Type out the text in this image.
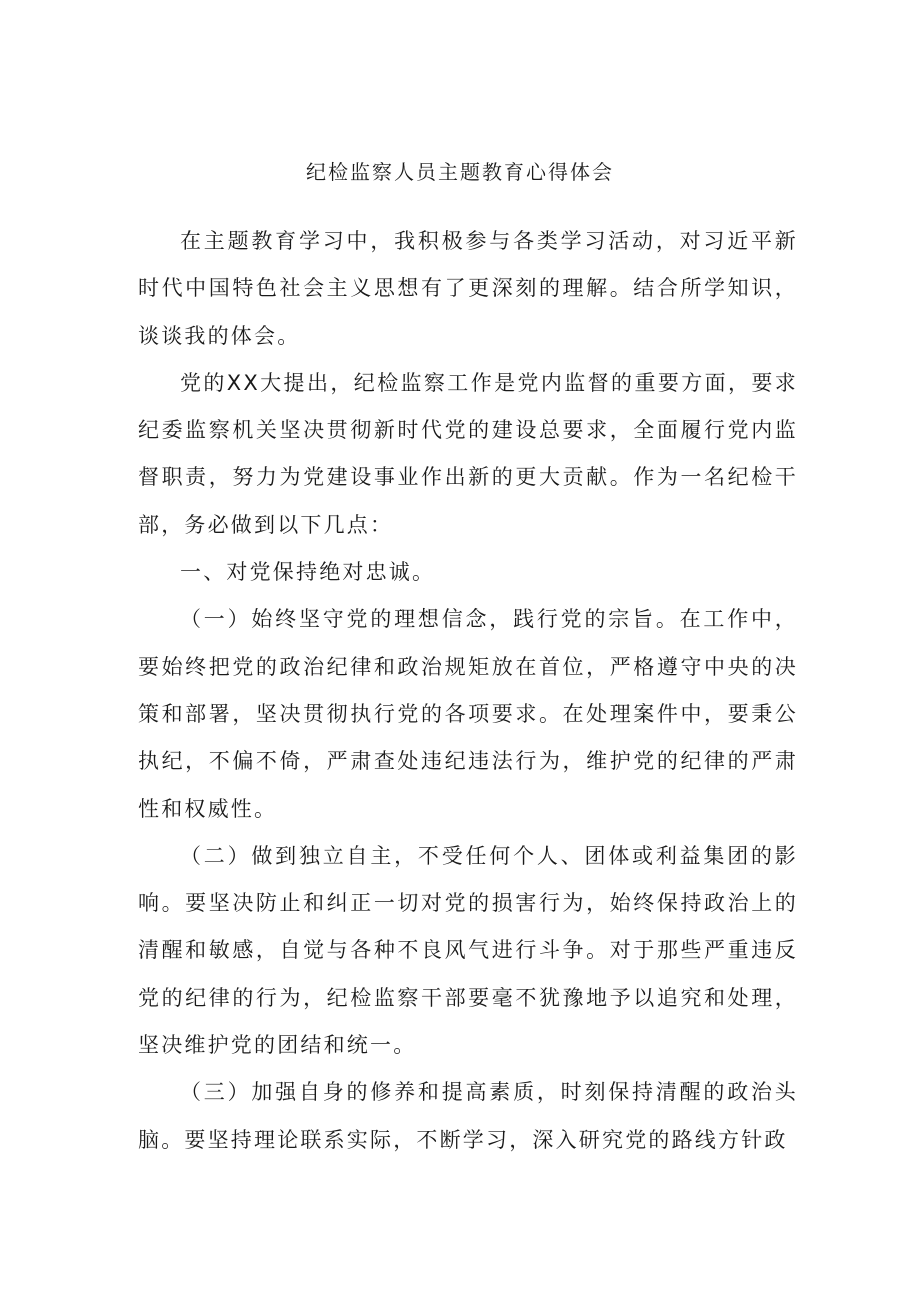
纪检监察人员主题教育心得体会

在主题教育学习中，我积极参与各类学习活动，对习近平新时代中国特色社会主义思想有了更深刻的理解。结合所学知识，谈谈我的体会。

党的XX大提出，纪检监察工作是党内监督的重要方面，要求纪委监察机关坚决贯彻新时代党的建设总要求，全面履行党内监督职责，努力为党建设事业作出新的更大贡献。作为一名纪检干部，务必做到以下几点：

一、对党保持绝对忠诚。

（一）始终坚守党的理想信念，践行党的宗旨。在工作中，要始终把党的政治纪律和政治规矩放在首位，严格遵守中央的决策和部署，坚决贯彻执行党的各项要求。在处理案件中，要秉公执纪，不偏不倚，严肃查处违纪违法行为，维护党的纪律的严肃性和权威性。

（二）做到独立自主，不受任何个人、团体或利益集团的影响。要坚决防止和纠正一切对党的损害行为，始终保持政治上的清醒和敏感，自觉与各种不良风气进行斗争。对于那些严重违反党的纪律的行为，纪检监察干部要毫不犹豫地予以追究和处理，坚决维护党的团结和统一。

（三）加强自身的修养和提高素质，时刻保持清醒的政治头脑。要坚持理论联系实际，不断学习，深入研究党的路线方针政
